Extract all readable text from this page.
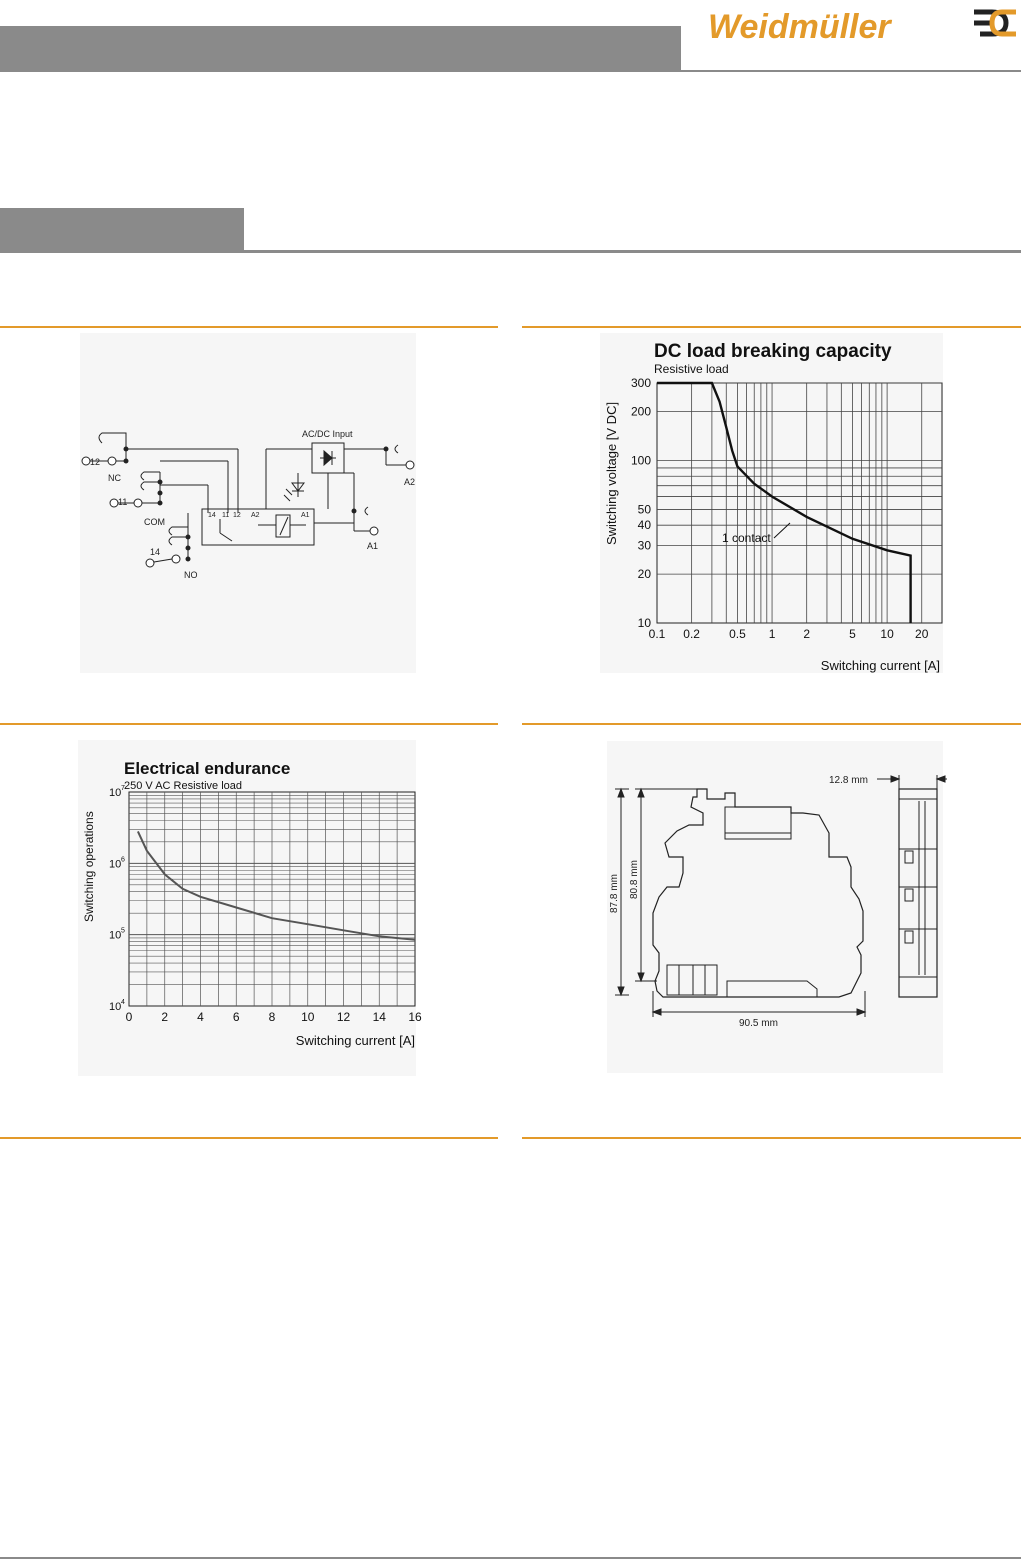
Weidmüller
12
NC
11
COM
14
NO
A2
A1
AC/DC Input
14 11 12 A2	A1
DC load breaking capacity
Resistive load
Switching voltage [V DC]
Switching current [A]
0.1 0.2 0.5 1 2	5 10 20
300
200
100
50
40
30
20
10
1 contact
Electrical endurance
250 V AC Resistive load
Switching operations
Switching current [A]
0 2 4 6 8 10 12 14 16
10 7
10 6
10 5
10 4
90.5 mm
12.8 mm
87.8 mm 80.8 mm
